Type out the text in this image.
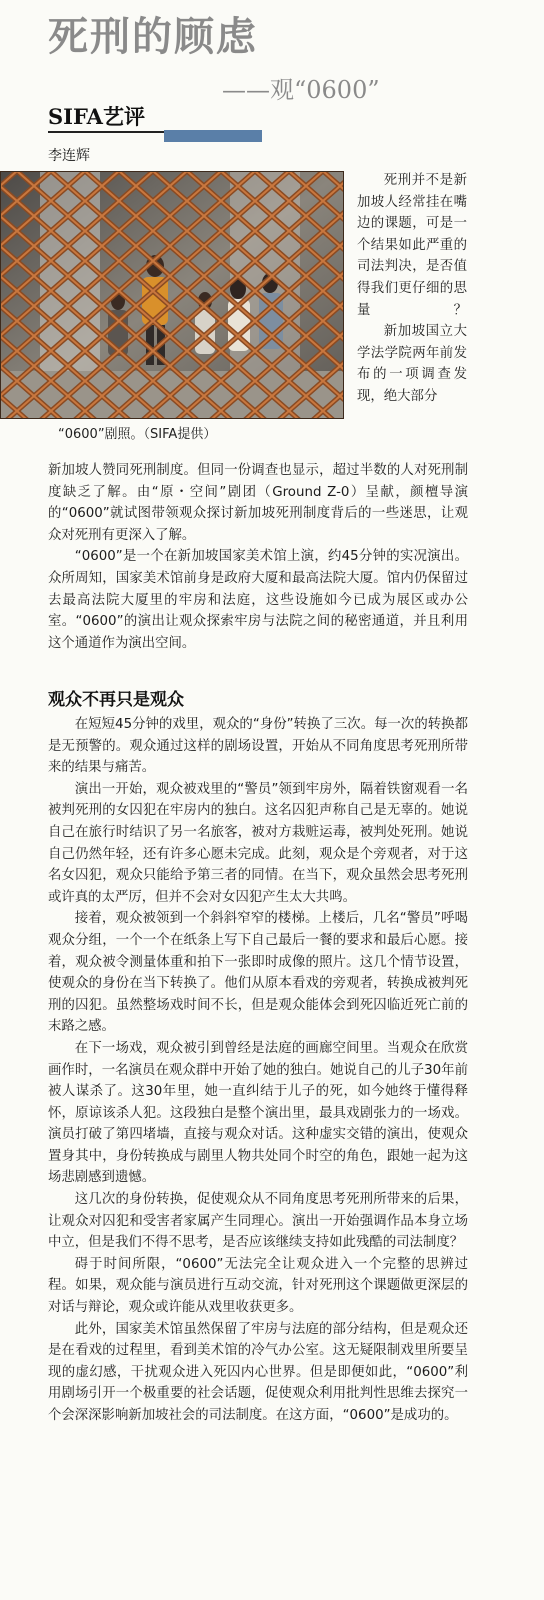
死刑的顾虑
——观“0600”
SIFA艺评
李连辉
“0600”剧照。（SIFA提供）

死刑并不是新加坡人经常挂在嘴边的课题，可是一个结果如此严重的司法判决，是否值得我们更仔细的思量？

新加坡国立大学法学院两年前发布的一项调查发现，绝大部分

新加坡人赞同死刑制度。但同一份调查也显示，超过半数的人对死刑制度缺乏了解。由“原・空间”剧团（Ground Z-0）呈献，颜檀导演的“0600”就试图带领观众探讨新加坡死刑制度背后的一些迷思，让观众对死刑有更深入了解。

“0600”是一个在新加坡国家美术馆上演，约45分钟的实况演出。众所周知，国家美术馆前身是政府大厦和最高法院大厦。馆内仍保留过去最高法院大厦里的牢房和法庭，这些设施如今已成为展区或办公室。“0600”的演出让观众探索牢房与法院之间的秘密通道，并且利用这个通道作为演出空间。

观众不再只是观众

在短短45分钟的戏里，观众的“身份”转换了三次。每一次的转换都是无预警的。观众通过这样的剧场设置，开始从不同角度思考死刑所带来的结果与痛苦。

演出一开始，观众被戏里的“警员”领到牢房外，隔着铁窗观看一名被判死刑的女囚犯在牢房内的独白。这名囚犯声称自己是无辜的。她说自己在旅行时结识了另一名旅客，被对方栽赃运毒，被判处死刑。她说自己仍然年轻，还有许多心愿未完成。此刻，观众是个旁观者，对于这名女囚犯，观众只能给予第三者的同情。在当下，观众虽然会思考死刑或许真的太严厉，但并不会对女囚犯产生太大共鸣。

接着，观众被领到一个斜斜窄窄的楼梯。上楼后，几名“警员”呼喝观众分组，一个一个在纸条上写下自己最后一餐的要求和最后心愿。接着，观众被令测量体重和拍下一张即时成像的照片。这几个情节设置，使观众的身份在当下转换了。他们从原本看戏的旁观者，转换成被判死刑的囚犯。虽然整场戏时间不长，但是观众能体会到死囚临近死亡前的末路之感。

在下一场戏，观众被引到曾经是法庭的画廊空间里。当观众在欣赏画作时，一名演员在观众群中开始了她的独白。她说自己的儿子30年前被人谋杀了。这30年里，她一直纠结于儿子的死，如今她终于懂得释怀，原谅该杀人犯。这段独白是整个演出里，最具戏剧张力的一场戏。演员打破了第四堵墙，直接与观众对话。这种虚实交错的演出，使观众置身其中，身份转换成与剧里人物共处同个时空的角色，跟她一起为这场悲剧感到遗憾。

这几次的身份转换，促使观众从不同角度思考死刑所带来的后果，让观众对囚犯和受害者家属产生同理心。演出一开始强调作品本身立场中立，但是我们不得不思考，是否应该继续支持如此残酷的司法制度？

碍于时间所限，“0600”无法完全让观众进入一个完整的思辨过程。如果，观众能与演员进行互动交流，针对死刑这个课题做更深层的对话与辩论，观众或许能从戏里收获更多。

此外，国家美术馆虽然保留了牢房与法庭的部分结构，但是观众还是在看戏的过程里，看到美术馆的冷气办公室。这无疑限制戏里所要呈现的虚幻感，干扰观众进入死囚内心世界。但是即便如此，“0600”利用剧场引开一个极重要的社会话题，促使观众利用批判性思维去探究一个会深深影响新加坡社会的司法制度。在这方面，“0600”是成功的。
